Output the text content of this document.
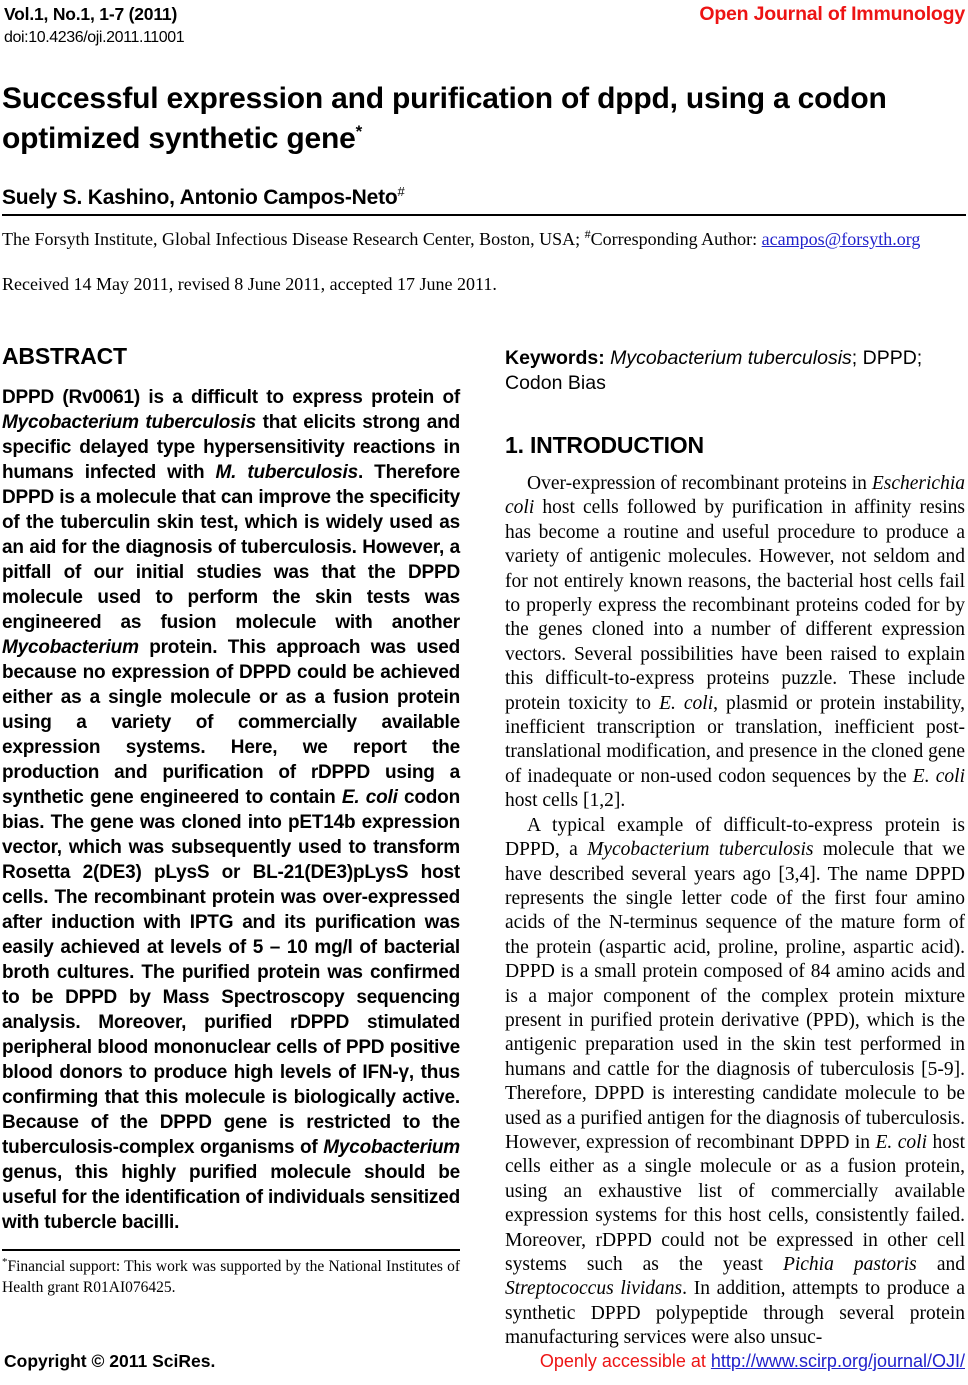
Vol.1, No.1, 1-7 (2011)
doi:10.4236/oji.2011.11001
Open Journal of Immunology
Successful expression and purification of dppd, using a codon optimized synthetic gene*
Suely S. Kashino, Antonio Campos-Neto#
The Forsyth Institute, Global Infectious Disease Research Center, Boston, USA; #Corresponding Author: acampos@forsyth.org
Received 14 May 2011, revised 8 June 2011, accepted 17 June 2011.
ABSTRACT

DPPD (Rv0061) is a difficult to express protein of Mycobacterium tuberculosis that elicits strong and specific delayed type hypersensitivity reactions in humans infected with M. tuberculosis. Therefore DPPD is a molecule that can improve the specificity of the tuberculin skin test, which is widely used as an aid for the diagnosis of tuberculosis. However, a pitfall of our initial studies was that the DPPD molecule used to perform the skin tests was engineered as fusion molecule with another Mycobacterium protein. This approach was used because no expression of DPPD could be achieved either as a single molecule or as a fusion protein using a variety of commercially available expression systems. Here, we report the production and purification of rDPPD using a synthetic gene engineered to contain E. coli codon bias. The gene was cloned into pET14b expression vector, which was subsequently used to transform Rosetta 2(DE3) pLysS or BL-21(DE3)pLysS host cells. The recombinant protein was over-expressed after induction with IPTG and its purification was easily achieved at levels of 5 – 10 mg/l of bacterial broth cultures. The purified protein was confirmed to be DPPD by Mass Spectroscopy sequencing analysis. Moreover, purified rDPPD stimulated peripheral blood mononuclear cells of PPD positive blood donors to produce high levels of IFN-γ, thus confirming that this molecule is biologically active. Because of the DPPD gene is restricted to the tuberculosis-complex organisms of Mycobacterium genus, this highly purified molecule should be useful for the identification of individuals sensitized with tubercle bacilli.

*Financial support: This work was supported by the National Institutes of Health grant R01AI076425.

Keywords: Mycobacterium tuberculosis; DPPD; Codon Bias

1. INTRODUCTION

Over-expression of recombinant proteins in Escherichia coli host cells followed by purification in affinity resins has become a routine and useful procedure to produce a variety of antigenic molecules. However, not seldom and for not entirely known reasons, the bacterial host cells fail to properly express the recombinant proteins coded for by the genes cloned into a number of different expression vectors. Several possibilities have been raised to explain this difficult-to-express proteins puzzle. These include protein toxicity to E. coli, plasmid or protein instability, inefficient transcription or translation, inefficient post-translational modification, and presence in the cloned gene of inadequate or non-used codon sequences by the E. coli host cells [1,2].

A typical example of difficult-to-express protein is DPPD, a Mycobacterium tuberculosis molecule that we have described several years ago [3,4]. The name DPPD represents the single letter code of the first four amino acids of the N-terminus sequence of the mature form of the protein (aspartic acid, proline, proline, aspartic acid). DPPD is a small protein composed of 84 amino acids and is a major component of the complex protein mixture present in purified protein derivative (PPD), which is the antigenic preparation used in the skin test performed in humans and cattle for the diagnosis of tuberculosis [5-9]. Therefore, DPPD is interesting candidate molecule to be used as a purified antigen for the diagnosis of tuberculosis. However, expression of recombinant DPPD in E. coli host cells either as a single molecule or as a fusion protein, using an exhaustive list of commercially available expression systems for this host cells, consistently failed. Moreover, rDPPD could not be expressed in other cell systems such as the yeast Pichia pastoris and Streptococcus lividans. In addition, attempts to produce a synthetic DPPD polypeptide through several protein manufacturing services were also unsuc-

Copyright © 2011 SciRes.	Openly accessible at http://www.scirp.org/journal/OJI/
